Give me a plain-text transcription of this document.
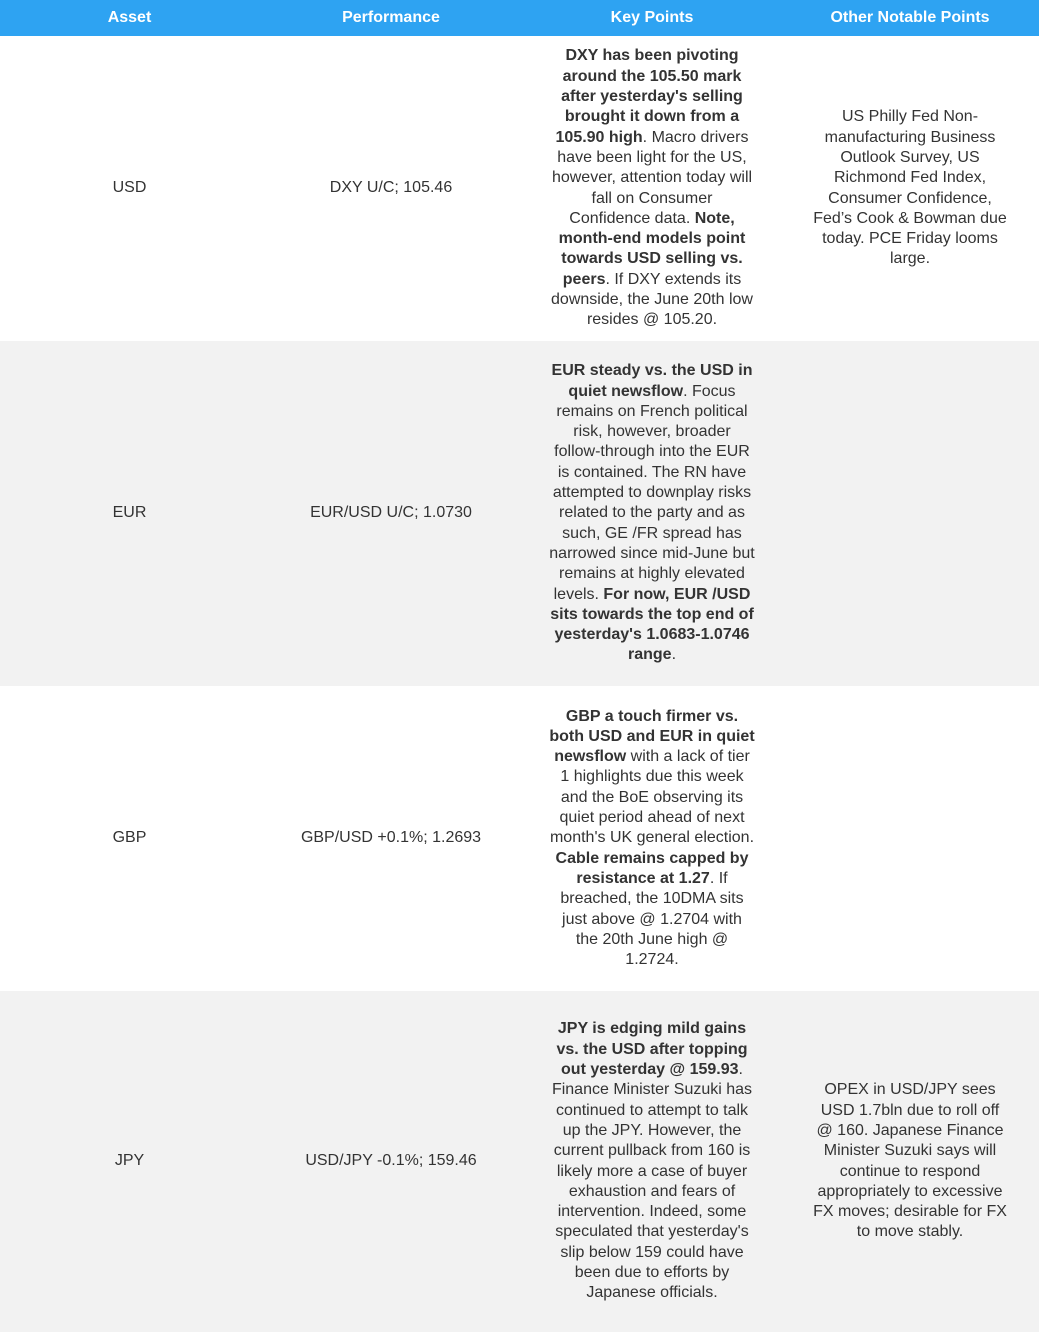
Asset	Performance	Key Points	Other Notable Points
USD	DXY U/C; 105.46	DXY has been pivoting around the 105.50 mark after yesterday's selling brought it down from a 105.90 high. Macro drivers have been light for the US, however, attention today will fall on Consumer Confidence data. Note, month-end models point towards USD selling vs. peers. If DXY extends its downside, the June 20th low resides @ 105.20.	US Philly Fed Non-manufacturing Business Outlook Survey, US Richmond Fed Index, Consumer Confidence, Fed’s Cook & Bowman due today. PCE Friday looms large.
EUR	EUR/USD U/C; 1.0730	EUR steady vs. the USD in quiet newsflow. Focus remains on French political risk, however, broader follow-through into the EUR is contained. The RN have attempted to downplay risks related to the party and as such, GE /FR spread has narrowed since mid-June but remains at highly elevated levels. For now, EUR /USD sits towards the top end of yesterday's 1.0683-1.0746 range.	
GBP	GBP/USD +0.1%; 1.2693	GBP a touch firmer vs. both USD and EUR in quiet newsflow with a lack of tier 1 highlights due this week and the BoE observing its quiet period ahead of next month's UK general election. Cable remains capped by resistance at 1.27. If breached, the 10DMA sits just above @ 1.2704 with the 20th June high @ 1.2724.	
JPY	USD/JPY -0.1%; 159.46	JPY is edging mild gains vs. the USD after topping out yesterday @ 159.93. Finance Minister Suzuki has continued to attempt to talk up the JPY. However, the current pullback from 160 is likely more a case of buyer exhaustion and fears of intervention. Indeed, some speculated that yesterday's slip below 159 could have been due to efforts by Japanese officials.	OPEX in USD/JPY sees USD 1.7bln due to roll off @ 160. Japanese Finance Minister Suzuki says will continue to respond appropriately to excessive FX moves; desirable for FX to move stably.
